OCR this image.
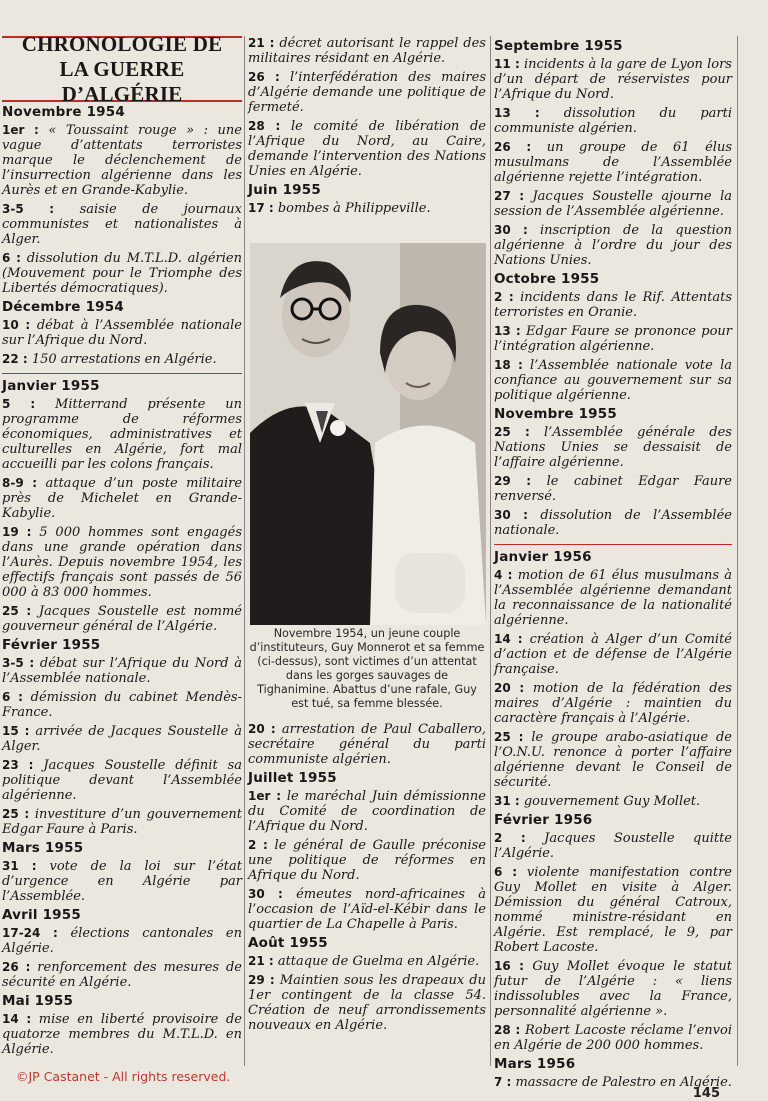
CHRONOLOGIE DE
LA GUERRE D’ALGÉRIE
Novembre 1954
1er : « Toussaint rouge » : une vague d’attentats terroristes marque le déclenchement de l’insurrection algérienne dans les Aurès et en Grande-Kabylie.
3-5 : saisie de journaux communistes et nationalistes à Alger.
6 : dissolution du M.T.L.D. algérien (Mouvement pour le Triomphe des Libertés démocratiques).
Décembre 1954
10 : débat à l’Assemblée nationale sur l’Afrique du Nord.
22 : 150 arrestations en Algérie.
Janvier 1955
5 : Mitterrand présente un programme de réformes économiques, administratives et culturelles en Algérie, fort mal accueilli par les colons français.
8-9 : attaque d’un poste militaire près de Michelet en Grande-Kabylie.
19 : 5 000 hommes sont engagés dans une grande opération dans l’Aurès. Depuis novembre 1954, les effectifs français sont passés de 56 000 à 83 000 hommes.
25 : Jacques Soustelle est nommé gouverneur général de l’Algérie.
Février 1955
3-5 : débat sur l’Afrique du Nord à l’Assemblée nationale.
6 : démission du cabinet Mendès-France.
15 : arrivée de Jacques Soustelle à Alger.
23 : Jacques Soustelle définit sa politique devant l’Assemblée algérienne.
25 : investiture d’un gouvernement Edgar Faure à Paris.
Mars 1955
31 : vote de la loi sur l’état d’urgence en Algérie par l’Assemblée.
Avril 1955
17-24 : élections cantonales en Algérie.
26 : renforcement des mesures de sécurité en Algérie.
Mai 1955
14 : mise en liberté provisoire de quatorze membres du M.T.L.D. en Algérie.
21 : décret autorisant le rappel des militaires résidant en Algérie.
26 : l’interfédération des maires d’Algérie demande une politique de fermeté.
28 : le comité de libération de l’Afrique du Nord, au Caire, demande l’intervention des Nations Unies en Algérie.
Juin 1955
17 : bombes à Philippeville.
Novembre 1954, un jeune couple d’instituteurs, Guy Monnerot et sa femme (ci-dessus), sont victimes d’un attentat dans les gorges sauvages de Tighanimine. Abattus d’une rafale, Guy est tué, sa femme blessée.
20 : arrestation de Paul Caballero, secrétaire général du parti communiste algérien.
Juillet 1955
1er : le maréchal Juin démissionne du Comité de coordination de l’Afrique du Nord.
2 : le général de Gaulle préconise une politique de réformes en Afrique du Nord.
30 : émeutes nord-africaines à l’occasion de l’Aïd-el-Kébir dans le quartier de La Chapelle à Paris.
Août 1955
21 : attaque de Guelma en Algérie.
29 : Maintien sous les drapeaux du 1er contingent de la classe 54. Création de neuf arrondissements nouveaux en Algérie.
Septembre 1955
11 : incidents à la gare de Lyon lors d’un départ de réservistes pour l’Afrique du Nord.
13 : dissolution du parti communiste algérien.
26 : un groupe de 61 élus musulmans de l’Assemblée algérienne rejette l’intégration.
27 : Jacques Soustelle ajourne la session de l’Assemblée algérienne.
30 : inscription de la question algérienne à l’ordre du jour des Nations Unies.
Octobre 1955
2 : incidents dans le Rif. Attentats terroristes en Oranie.
13 : Edgar Faure se prononce pour l’intégration algérienne.
18 : l’Assemblée nationale vote la confiance au gouvernement sur sa politique algérienne.
Novembre 1955
25 : l’Assemblée générale des Nations Unies se dessaisit de l’affaire algérienne.
29 : le cabinet Edgar Faure renversé.
30 : dissolution de l’Assemblée nationale.
Janvier 1956
4 : motion de 61 élus musulmans à l’Assemblée algérienne demandant la reconnaissance de la nationalité algérienne.
14 : création à Alger d’un Comité d’action et de défense de l’Algérie française.
20 : motion de la fédération des maires d’Algérie : maintien du caractère français à l’Algérie.
25 : le groupe arabo-asiatique de l’O.N.U. renonce à porter l’affaire algérienne devant le Conseil de sécurité.
31 : gouvernement Guy Mollet.
Février 1956
2 : Jacques Soustelle quitte l’Algérie.
6 : violente manifestation contre Guy Mollet en visite à Alger. Démission du général Catroux, nommé ministre-résidant en Algérie. Est remplacé, le 9, par Robert Lacoste.
16 : Guy Mollet évoque le statut futur de l’Algérie : « liens indissolubles avec la France, personnalité algérienne ».
28 : Robert Lacoste réclame l’envoi en Algérie de 200 000 hommes.
Mars 1956
7 : massacre de Palestro en Algérie.
©JP Castanet - All rights reserved.
145
